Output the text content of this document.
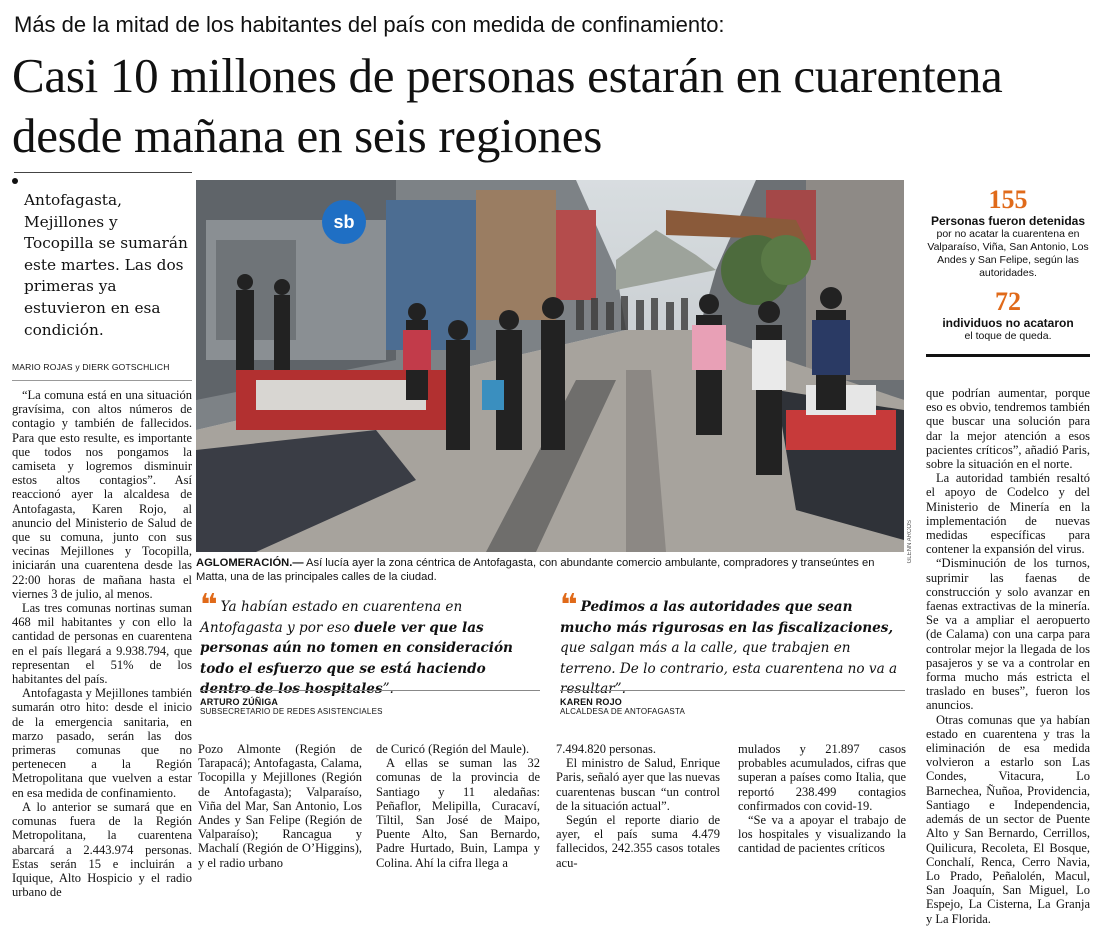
Más de la mitad de los habitantes del país con medida de confinamiento:
Casi 10 millones de personas estarán en cuarentena desde mañana en seis regiones
Antofagasta, Mejillones y Tocopilla se sumarán este martes. Las dos primeras ya estuvieron en esa condición.
MARIO ROJAS y DIERK GOTSCHLICH

“La comuna está en una situación gravísima, con altos números de contagio y también de fallecidos. Para que esto resulte, es importante que todos nos pongamos la camiseta y logremos disminuir estos altos contagios”. Así reaccionó ayer la alcaldesa de Antofagasta, Karen Rojo, al anuncio del Ministerio de Salud de que su comuna, junto con sus vecinas Mejillones y Tocopilla, iniciarán una cuarentena desde las 22:00 horas de mañana hasta el viernes 3 de julio, al menos.

Las tres comunas nortinas suman 468 mil habitantes y con ello la cantidad de personas en cuarentena en el país llegará a 9.938.794, que representan el 51% de los habitantes del país.

Antofagasta y Mejillones también sumarán otro hito: desde el inicio de la emergencia sanitaria, en marzo pasado, serán las dos primeras comunas que no pertenecen a la Región Metropolitana que vuelven a estar en esa medida de confinamiento.

A lo anterior se sumará que en comunas fuera de la Región Metropolitana, la cuarentena abarcará a 2.443.974 personas. Estas serán 15 e incluirán a Iquique, Alto Hospicio y el radio urbano de

sb
GLENN ARCOS
AGLOMERACIÓN.— Así lucía ayer la zona céntrica de Antofagasta, con abundante comercio ambulante, compradores y transeúntes en Matta, una de las principales calles de la ciudad.
155
Personas fueron detenidas
por no acatar la cuarentena en Valparaíso, Viña, San Antonio, Los Andes y San Felipe, según las autoridades.
72
individuos no acataron
el toque de queda.

que podrían aumentar, porque eso es obvio, tendremos también que buscar una solución para dar la mejor atención a esos pacientes críticos”, añadió Paris, sobre la situación en el norte.

La autoridad también resaltó el apoyo de Codelco y del Ministerio de Minería en la implementación de nuevas medidas específicas para contener la expansión del virus.

“Disminución de los turnos, suprimir las faenas de construcción y solo avanzar en faenas extractivas de la minería. Se va a ampliar el aeropuerto (de Calama) con una carpa para controlar mejor la llegada de los pasajeros y se va a controlar en forma mucho más estricta el traslado en buses”, fueron los anuncios.

Otras comunas que ya habían estado en cuarentena y tras la eliminación de esa medida volvieron a estarlo son Las Condes, Vitacura, Lo Barnechea, Ñuñoa, Providencia, Santiago e Independencia, además de un sector de Puente Alto y San Bernardo, Cerrillos, Quilicura, Recoleta, El Bosque, Conchalí, Renca, Cerro Navia, Lo Prado, Peñalolén, Macul, San Joaquín, San Miguel, Lo Espejo, La Cisterna, La Granja y La Florida.

❝ Ya habían estado en cuarentena en Antofagasta y por eso duele ver que las personas aún no tomen en consideración todo el esfuerzo que se está haciendo dentro de los hospitales”.
ARTURO ZÚÑIGA
SUBSECRETARIO DE REDES ASISTENCIALES
❝ Pedimos a las autoridades que sean mucho más rigurosas en las fiscalizaciones, que salgan más a la calle, que trabajen en terreno. De lo contrario, esta cuarentena no va a resultar”.
KAREN ROJO
ALCALDESA DE ANTOFAGASTA

Pozo Almonte (Región de Tarapacá); Antofagasta, Calama, Tocopilla y Mejillones (Región de Antofagasta); Valparaíso, Viña del Mar, San Antonio, Los Andes y San Felipe (Región de Valparaíso); Rancagua y Machalí (Región de O’Higgins), y el radio urbano

de Curicó (Región del Maule).

A ellas se suman las 32 comunas de la provincia de Santiago y 11 aledañas: Peñaflor, Melipilla, Curacaví, Tiltil, San José de Maipo, Puente Alto, San Bernardo, Padre Hurtado, Buin, Lampa y Colina. Ahí la cifra llega a

7.494.820 personas.

El ministro de Salud, Enrique Paris, señaló ayer que las nuevas cuarentenas buscan “un control de la situación actual”.

Según el reporte diario de ayer, el país suma 4.479 fallecidos, 242.355 casos totales acu-

mulados y 21.897 casos probables acumulados, cifras que superan a países como Italia, que reportó 238.499 contagios confirmados con covid-19.

“Se va a apoyar el trabajo de los hospitales y visualizando la cantidad de pacientes críticos
